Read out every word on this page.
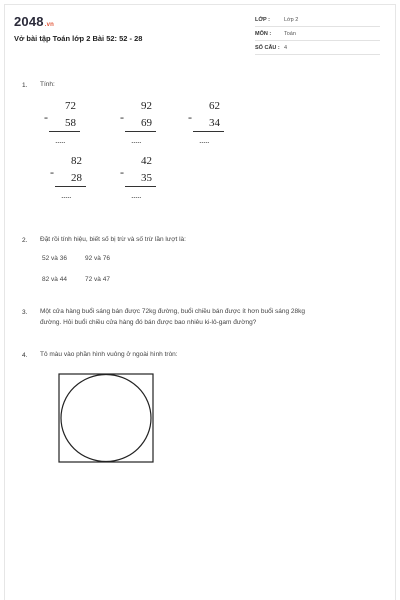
2048.vn
Vở bài tập Toán lớp 2 Bài 52: 52 - 28
LỚP :	Lớp 2
MÔN : Toán
SỐ CÂU : 4
1. Tính:
72
- 58
.....
92
- 69
.....
62
- 34
.....
82
- 28
.....
42
- 35
.....
2. Đặt rồi tính hiệu, biết số bị trừ và số trừ lần lượt là:
52 và 36	92 và 76
82 và 44	72 và 47
3. Một cửa hàng buổi sáng bán được 72kg đường, buổi chiều bán được ít hơn buổi sáng 28kg
đường. Hỏi buổi chiều cửa hàng đó bán được bao nhiêu ki-lô-gam đường?
4. Tô màu vào phần hình vuông ở ngoài hình tròn:
